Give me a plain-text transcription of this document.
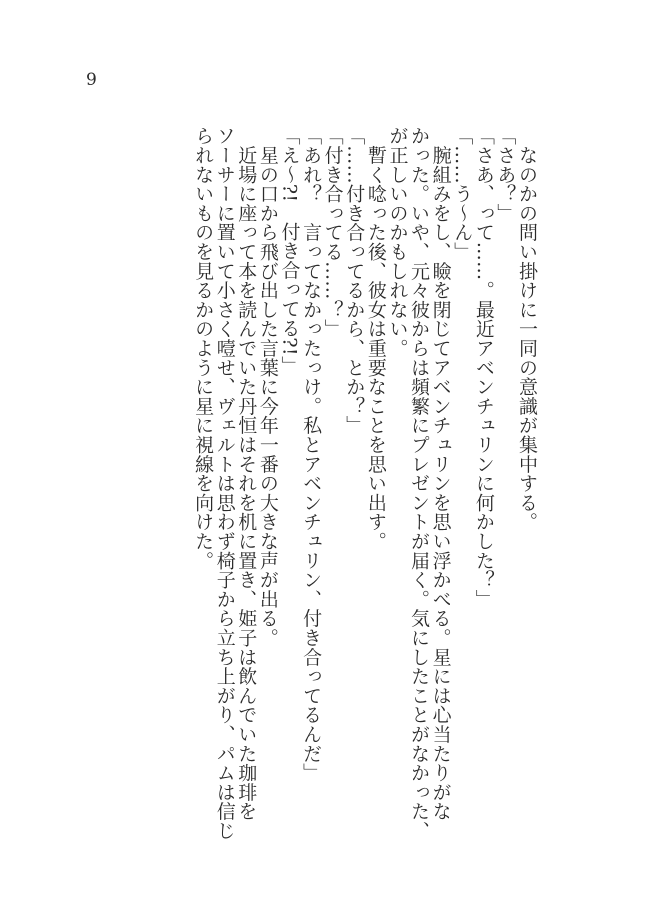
9

　なのかの問い掛けに一同の意識が集中する。

「さあ？」

「さあ、って……。最近アベンチュリンに何かした？」

「……う〜ん」

　腕組みをし、瞼を閉じてアベンチュリンを思い浮かべる。星には心当たりがな

かった。いや、元々彼からは頻繁にプレゼントが届く。気にしたことがなかった、

が正しいのかもしれない。

　暫く唸った後、彼女は重要なことを思い出す。

「……付き合ってるから、とか？」

「付き合ってる……？」

「あれ？　言ってなかったっけ。私とアベンチュリン、付き合ってるんだ」

「え〜?!　付き合ってる?!」

　星の口から飛び出した言葉に今年一番の大きな声が出る。

　近場に座って本を読んでいた丹恒はそれを机に置き、姫子は飲んでいた珈琲を

ソーサーに置いて小さく噎せ、ヴェルトは思わず椅子から立ち上がり、パムは信じ

られないものを見るかのように星に視線を向けた。
